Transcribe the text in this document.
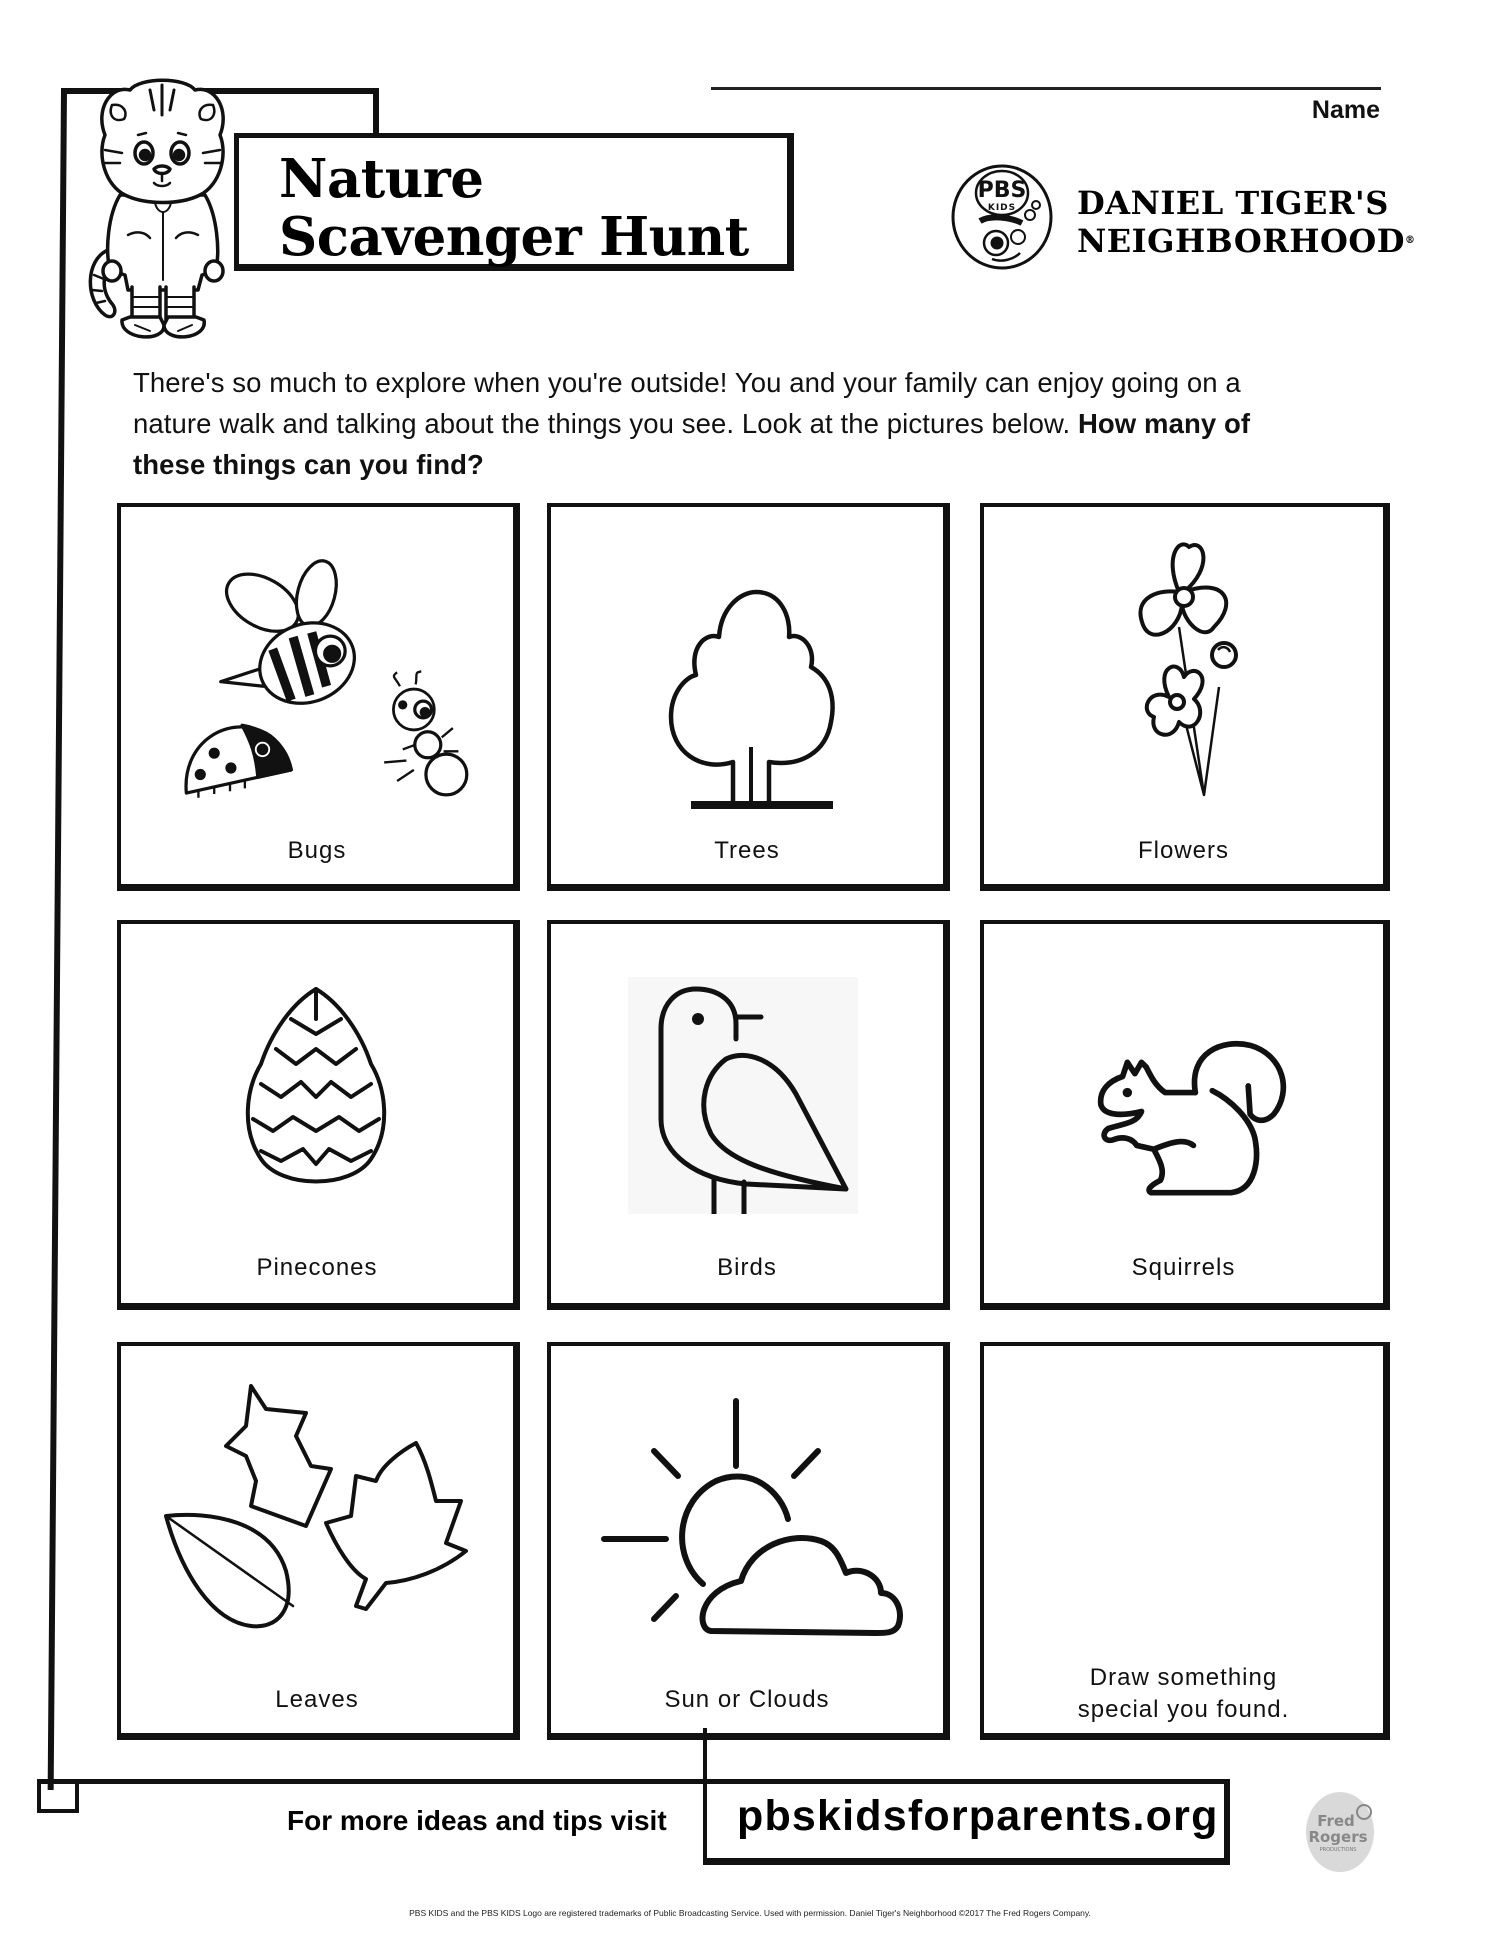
Nature
Scavenger Hunt
Name
PBS
KIDS DANIEL TIGER'S
NEIGHBORHOOD®
There's so much to explore when you're outside! You and your family can enjoy going on a nature walk and talking about the things you see. Look at the pictures below. How many of these things can you find?
Bugs	Trees	Flowers
Pinecones	Birds	Squirrels
Leaves	Sun or Clouds
Draw something
special you found.
For more ideas and tips visit pbskidsforparents.org	Fred
Rogers
PRODUCTIONS
PBS KIDS and the PBS KIDS Logo are registered trademarks of Public Broadcasting Service. Used with permission. Daniel Tiger's Neighborhood ©2017 The Fred Rogers Company.
